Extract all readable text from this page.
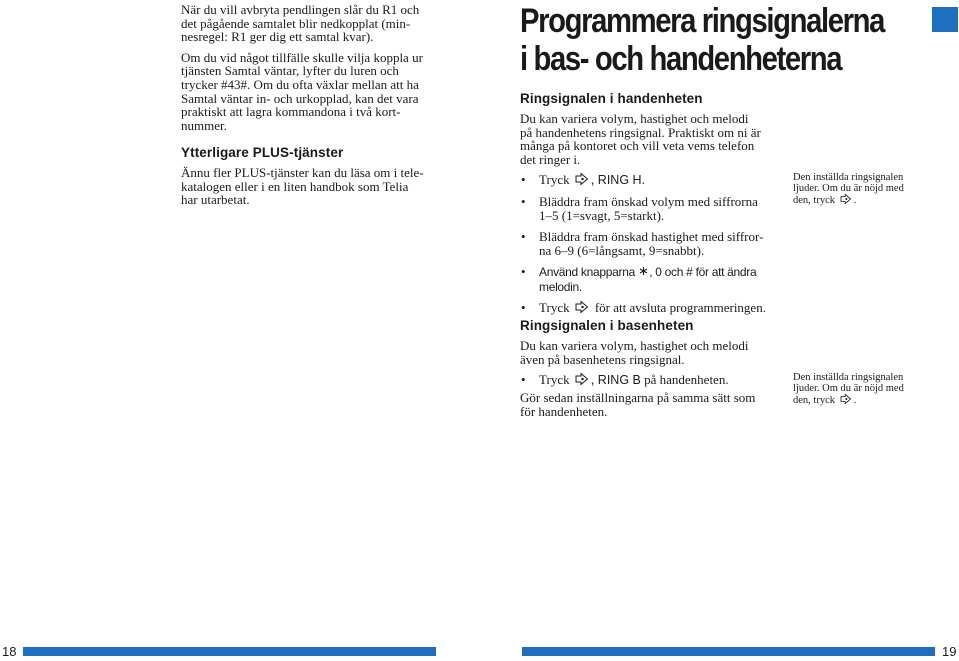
När du vill avbryta pendlingen slår du R1 och
det pågående samtalet blir nedkopplat (min-
nesregel: R1 ger dig ett samtal kvar).

Om du vid något tillfälle skulle vilja koppla ur
tjänsten Samtal väntar, lyfter du luren och
trycker #43#. Om du ofta växlar mellan att ha
Samtal väntar in- och urkopplad, kan det vara
praktiskt att lagra kommandona i två kort-
nummer.

Ytterligare PLUS-tjänster

Ännu fler PLUS-tjänster kan du läsa om i tele-
katalogen eller i en liten handbok som Telia
har utarbetat.

Programmera ringsignalerna
i bas- och handenheterna
Ringsignalen i handenheten

Du kan variera volym, hastighet och melodi
på handenhetens ringsignal. Praktiskt om ni är
många på kontoret och vill veta vems telefon
det ringer i.

• Tryck , RING H.
• Bläddra fram önskad volym med siffrorna
1–5 (1=svagt, 5=starkt).
• Bläddra fram önskad hastighet med siffror-
na 6–9 (6=långsamt, 9=snabbt).
• Använd knapparna , 0 och # för att ändra
melodin.
• Tryck för att avsluta programmeringen.
Ringsignalen i basenheten

Du kan variera volym, hastighet och melodi
även på basenhetens ringsignal.

• Tryck , RING B på handenheten.

Gör sedan inställningarna på samma sätt som
för handenheten.

Den inställda ringsignalen
ljuder. Om du är nöjd med
den, tryck .
Den inställda ringsignalen
ljuder. Om du är nöjd med
den, tryck .
18	19
